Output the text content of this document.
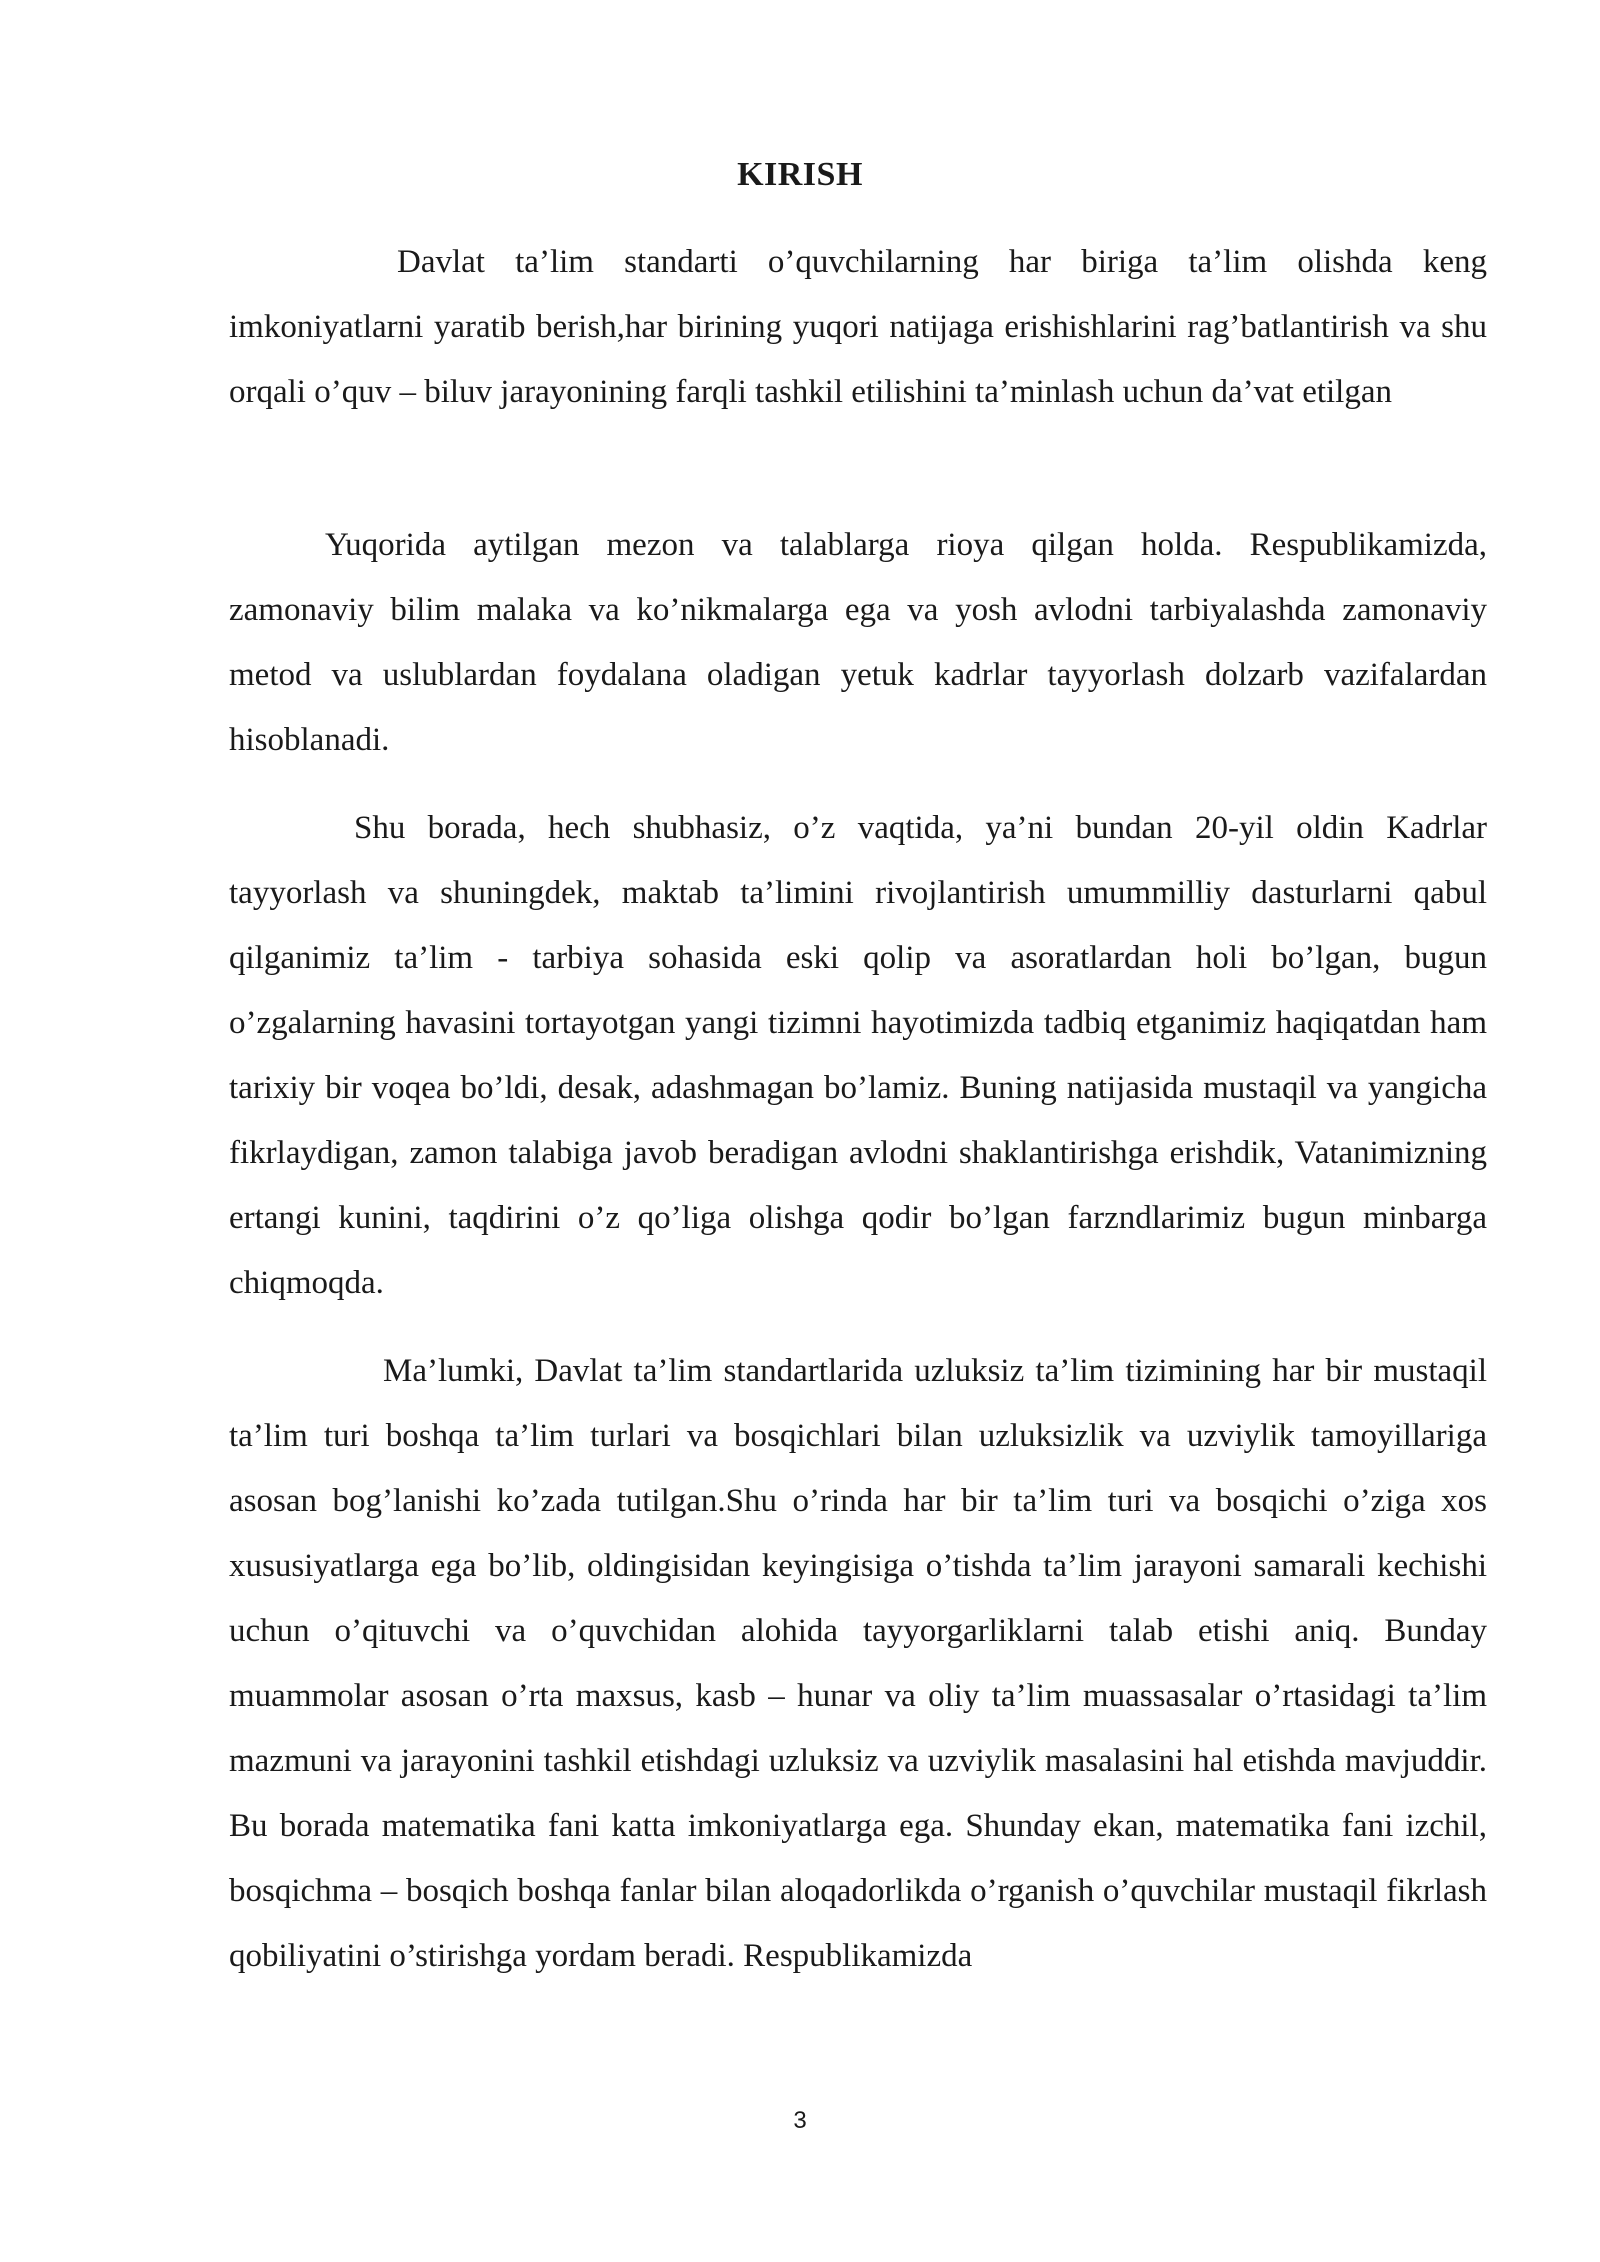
KIRISH

Davlat ta’lim standarti o’quvchilarning har biriga ta’lim olishda keng imkoniyatlarni yaratib berish,har birining yuqori natijaga erishishlarini rag’batlantirish va shu orqali o’quv – biluv jarayonining farqli tashkil etilishini ta’minlash uchun da’vat etilgan

Yuqorida aytilgan mezon va talablarga rioya qilgan holda. Respublikamizda, zamonaviy bilim malaka va ko’nikmalarga ega va yosh avlodni tarbiyalashda zamonaviy metod va uslublardan foydalana oladigan yetuk kadrlar tayyorlash dolzarb vazifalardan hisoblanadi.

Shu borada, hech shubhasiz, o’z vaqtida, ya’ni bundan 20-yil oldin Kadrlar tayyorlash va shuningdek, maktab ta’limini rivojlantirish umummilliy dasturlarni qabul qilganimiz ta’lim - tarbiya sohasida eski qolip va asoratlardan holi bo’lgan, bugun o’zgalarning havasini tortayotgan yangi tizimni hayotimizda tadbiq etganimiz haqiqatdan ham tarixiy bir voqea bo’ldi, desak, adashmagan bo’lamiz. Buning natijasida mustaqil va yangicha fikrlaydigan, zamon talabiga javob beradigan avlodni shaklantirishga erishdik, Vatanimizning ertangi kunini, taqdirini o’z qo’liga olishga qodir bo’lgan farzndlarimiz bugun minbarga chiqmoqda.

Ma’lumki, Davlat ta’lim standartlarida uzluksiz ta’lim tizimining har bir mustaqil ta’lim turi boshqa ta’lim turlari va bosqichlari bilan uzluksizlik va uzviylik tamoyillariga asosan bog’lanishi ko’zada tutilgan.Shu o’rinda har bir ta’lim turi va bosqichi o’ziga xos xususiyatlarga ega bo’lib, oldingisidan keyingisiga o’tishda ta’lim jarayoni samarali kechishi uchun o’qituvchi va o’quvchidan alohida tayyorgarliklarni talab etishi aniq. Bunday muammolar asosan o’rta maxsus, kasb – hunar va oliy ta’lim muassasalar o’rtasidagi ta’lim mazmuni va jarayonini tashkil etishdagi uzluksiz va uzviylik masalasini hal etishda mavjuddir. Bu borada matematika fani katta imkoniyatlarga ega. Shunday ekan, matematika fani izchil, bosqichma – bosqich boshqa fanlar bilan aloqadorlikda o’rganish o’quvchilar mustaqil fikrlash qobiliyatini o’stirishga yordam beradi. Respublikamizda

3
